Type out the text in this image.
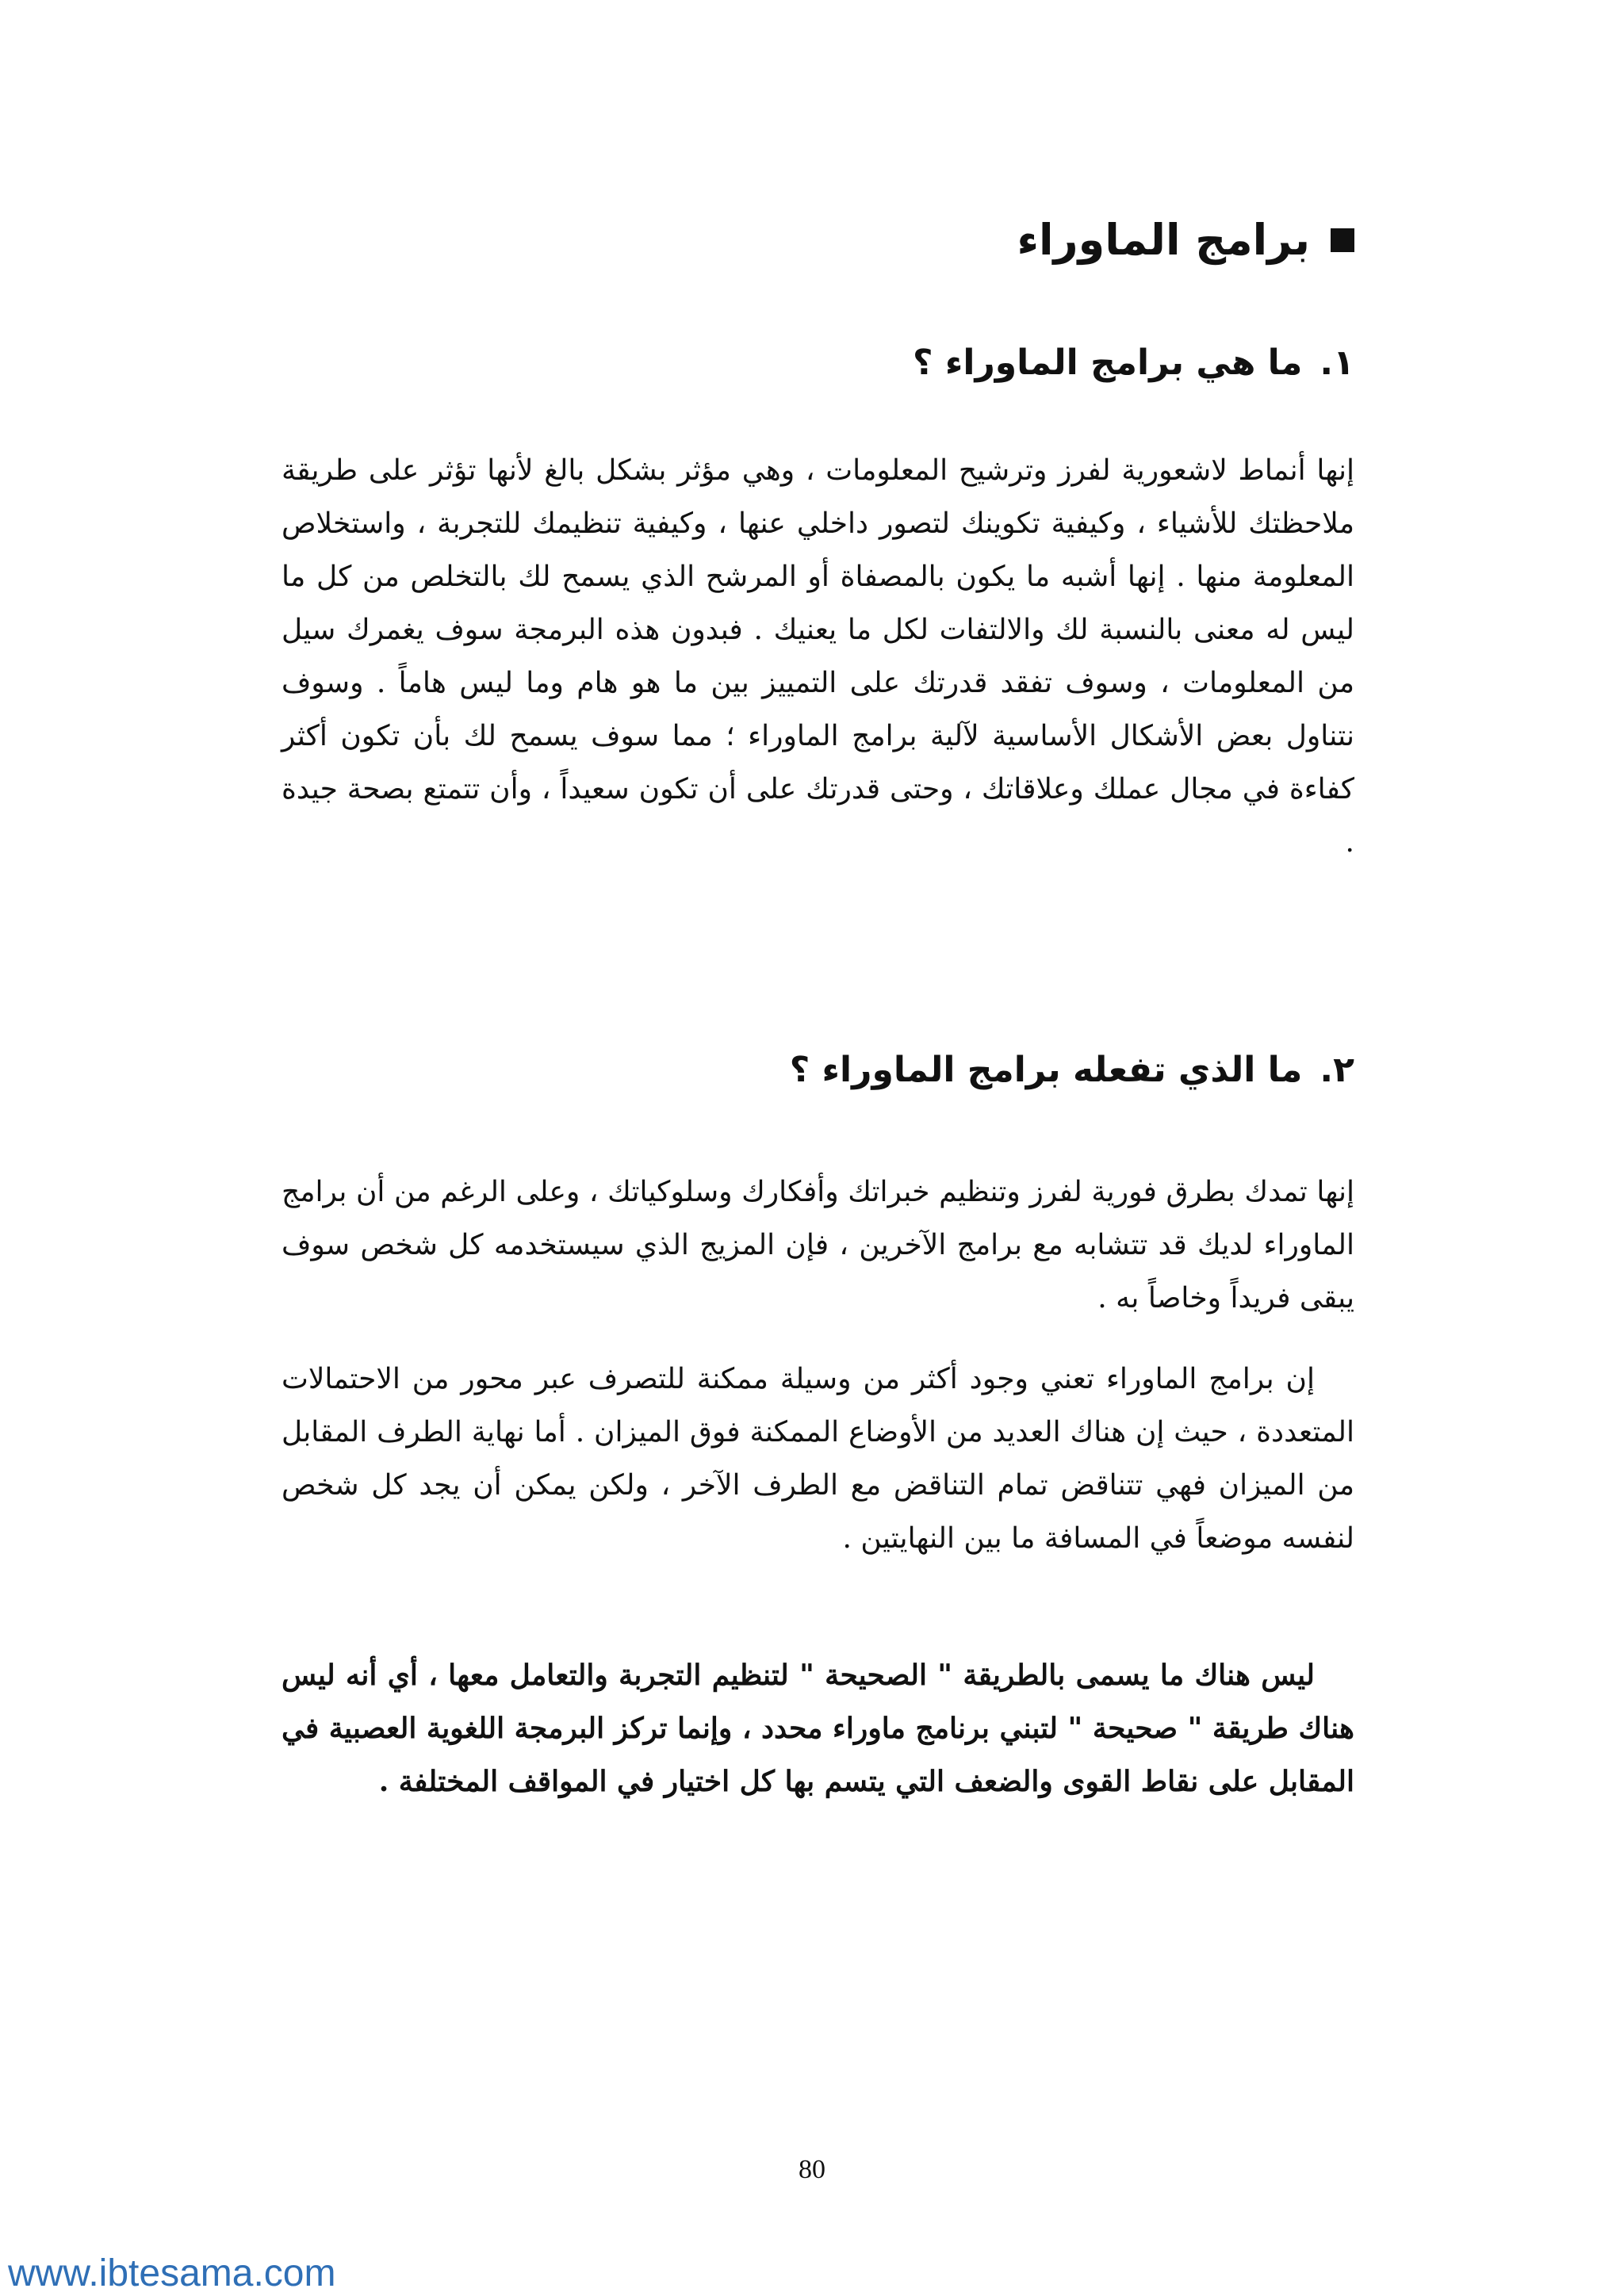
برامج الماوراء
١.
ما هي برامج الماوراء ؟

إنها أنماط لاشعورية لفرز وترشيح المعلومات ، وهي مؤثر بشكل بالغ لأنها تؤثر على طريقة ملاحظتك للأشياء ، وكيفية تكوينك لتصور داخلي عنها ، وكيفية تنظيمك للتجربة ، واستخلاص المعلومة منها . إنها أشبه ما يكون بالمصفاة أو المرشح الذي يسمح لك بالتخلص من كل ما ليس له معنى بالنسبة لك والالتفات لكل ما يعنيك . فبدون هذه البرمجة سوف يغمرك سيل من المعلومات ، وسوف تفقد قدرتك على التمييز بين ما هو هام وما ليس هاماً . وسوف نتناول بعض الأشكال الأساسية لآلية برامج الماوراء ؛ مما سوف يسمح لك بأن تكون أكثر كفاءة في مجال عملك وعلاقاتك ، وحتى قدرتك على أن تكون سعيداً ، وأن تتمتع بصحة جيدة .

٢.
ما الذي تفعله برامج الماوراء ؟

إنها تمدك بطرق فورية لفرز وتنظيم خبراتك وأفكارك وسلوكياتك ، وعلى الرغم من أن برامج الماوراء لديك قد تتشابه مع برامج الآخرين ، فإن المزيج الذي سيستخدمه كل شخص سوف يبقى فريداً وخاصاً به .

إن برامج الماوراء تعني وجود أكثر من وسيلة ممكنة للتصرف عبر محور من الاحتمالات المتعددة ، حيث إن هناك العديد من الأوضاع الممكنة فوق الميزان . أما نهاية الطرف المقابل من الميزان فهي تتناقض تمام التناقض مع الطرف الآخر ، ولكن يمكن أن يجد كل شخص لنفسه موضعاً في المسافة ما بين النهايتين .

ليس هناك ما يسمى بالطريقة " الصحيحة " لتنظيم التجربة والتعامل معها ، أي أنه ليس هناك طريقة " صحيحة " لتبني برنامج ماوراء محدد ، وإنما تركز البرمجة اللغوية العصبية في المقابل على نقاط القوى والضعف التي يتسم بها كل اختيار في المواقف المختلفة .

80
www.ibtesama.com
